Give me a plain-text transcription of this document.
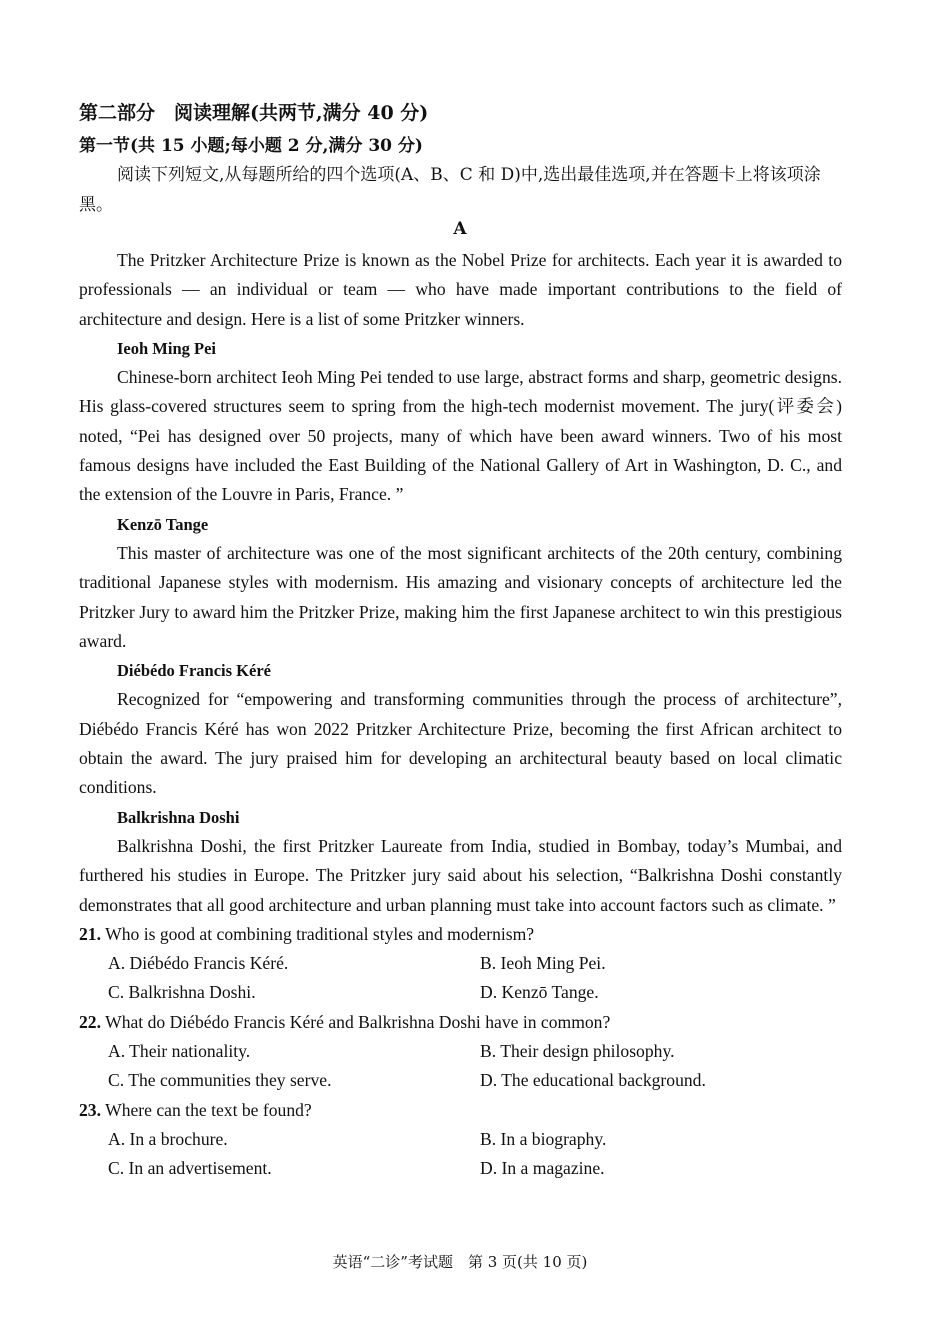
第二部分　阅读理解(共两节,满分 40 分)
第一节(共 15 小题;每小题 2 分,满分 30 分)
阅读下列短文,从每题所给的四个选项(A、B、C 和 D)中,选出最佳选项,并在答题卡上将该项涂黑。
A

The Pritzker Architecture Prize is known as the Nobel Prize for architects. Each year it is awarded to professionals — an individual or team — who have made important contributions to the field of architecture and design. Here is a list of some Pritzker winners.

Ieoh Ming Pei

Chinese-born architect Ieoh Ming Pei tended to use large, abstract forms and sharp, geometric designs. His glass-covered structures seem to spring from the high-tech modernist movement. The jury(评委会) noted, “Pei has designed over 50 projects, many of which have been award winners. Two of his most famous designs have included the East Building of the National Gallery of Art in Washington, D. C., and the extension of the Louvre in Paris, France. ”

Kenzō Tange

This master of architecture was one of the most significant architects of the 20th century, combining traditional Japanese styles with modernism. His amazing and visionary concepts of architecture led the Pritzker Jury to award him the Pritzker Prize, making him the first Japanese architect to win this prestigious award.

Diébédo Francis Kéré

Recognized for “empowering and transforming communities through the process of architecture”, Diébédo Francis Kéré has won 2022 Pritzker Architecture Prize, becoming the first African architect to obtain the award. The jury praised him for developing an architectural beauty based on local climatic conditions.

Balkrishna Doshi

Balkrishna Doshi, the first Pritzker Laureate from India, studied in Bombay, today’s Mumbai, and furthered his studies in Europe. The Pritzker jury said about his selection, “Balkrishna Doshi constantly demonstrates that all good architecture and urban planning must take into account factors such as climate. ”

21. Who is good at combining traditional styles and modernism?

A. Diébédo Francis Kéré.	B. Ieoh Ming Pei.
C. Balkrishna Doshi.	D. Kenzō Tange.

22. What do Diébédo Francis Kéré and Balkrishna Doshi have in common?

A. Their nationality.	B. Their design philosophy.
C. The communities they serve.	D. The educational background.

23. Where can the text be found?

A. In a brochure.	B. In a biography.
C. In an advertisement.	D. In a magazine.
英语“二诊”考试题　第 3 页(共 10 页)
